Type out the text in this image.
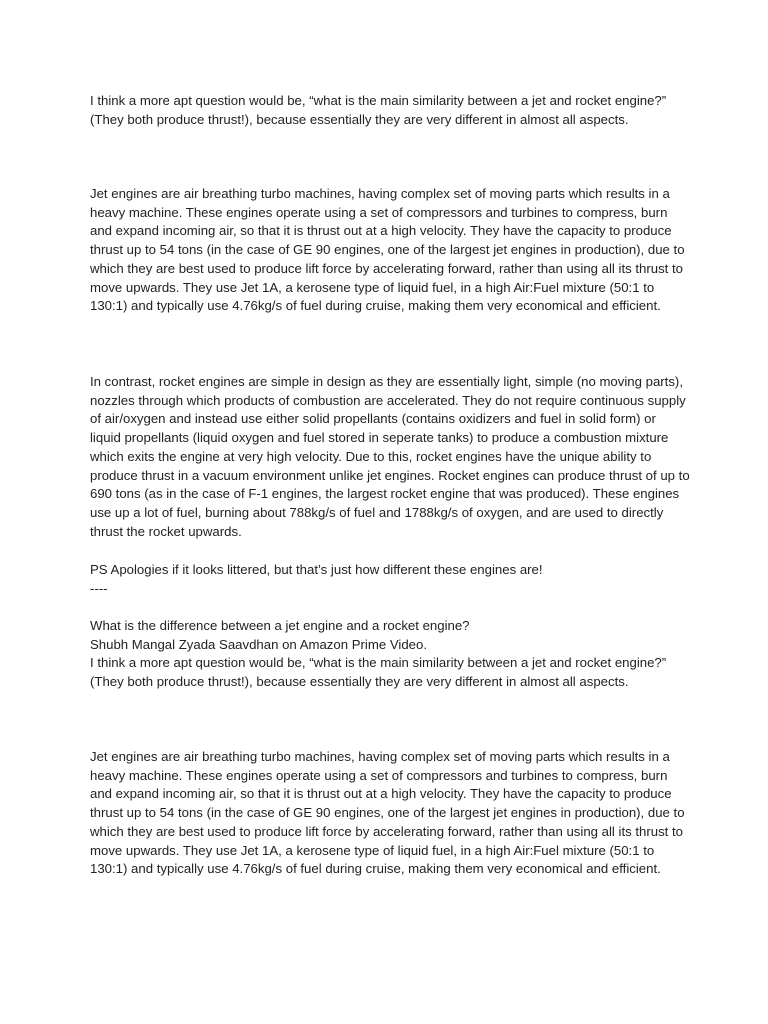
I think a more apt question would be, “what is the main similarity between a jet and rocket engine?” (They both produce thrust!), because essentially they are very different in almost all aspects.

Jet engines are air breathing turbo machines, having complex set of moving parts which results in a heavy machine. These engines operate using a set of compressors and turbines to compress, burn and expand incoming air, so that it is thrust out at a high velocity. They have the capacity to produce thrust up to 54 tons (in the case of GE 90 engines, one of the largest jet engines in production), due to which they are best used to produce lift force by accelerating forward, rather than using all its thrust to move upwards. They use Jet 1A, a kerosene type of liquid fuel, in a high Air:Fuel mixture (50:1 to 130:1) and typically use 4.76kg/s of fuel during cruise, making them very economical and efficient.

In contrast, rocket engines are simple in design as they are essentially light, simple (no moving parts), nozzles through which products of combustion are accelerated. They do not require continuous supply of air/oxygen and instead use either solid propellants (contains oxidizers and fuel in solid form) or liquid propellants (liquid oxygen and fuel stored in seperate tanks) to produce a combustion mixture which exits the engine at very high velocity. Due to this, rocket engines have the unique ability to produce thrust in a vacuum environment unlike jet engines. Rocket engines can produce thrust of up to 690 tons (as in the case of F-1 engines, the largest rocket engine that was produced). These engines use up a lot of fuel, burning about 788kg/s of fuel and 1788kg/s of oxygen, and are used to directly thrust the rocket upwards.

PS Apologies if it looks littered, but that’s just how different these engines are!
----

What is the difference between a jet engine and a rocket engine?
Shubh Mangal Zyada Saavdhan on Amazon Prime Video.

I think a more apt question would be, “what is the main similarity between a jet and rocket engine?” (They both produce thrust!), because essentially they are very different in almost all aspects.

Jet engines are air breathing turbo machines, having complex set of moving parts which results in a heavy machine. These engines operate using a set of compressors and turbines to compress, burn and expand incoming air, so that it is thrust out at a high velocity. They have the capacity to produce thrust up to 54 tons (in the case of GE 90 engines, one of the largest jet engines in production), due to which they are best used to produce lift force by accelerating forward, rather than using all its thrust to move upwards. They use Jet 1A, a kerosene type of liquid fuel, in a high Air:Fuel mixture (50:1 to 130:1) and typically use 4.76kg/s of fuel during cruise, making them very economical and efficient.
